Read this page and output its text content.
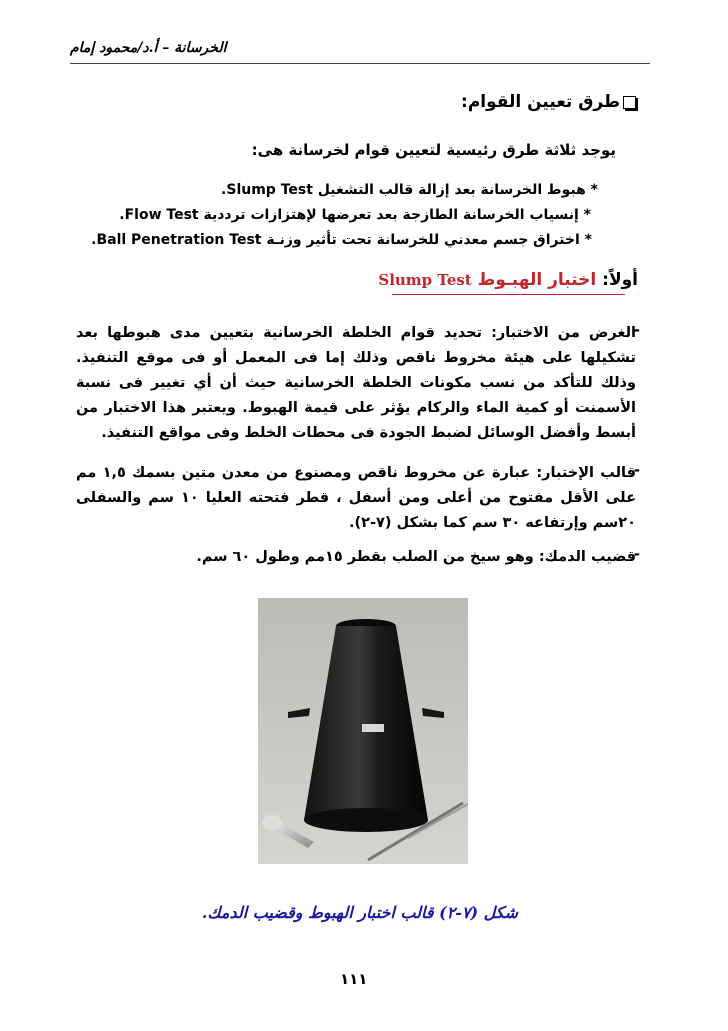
الخرسانة – أ.د/محمود إمام
طرق تعيين القوام:
يوجد ثلاثة طرق رئيسية لتعيين قوام لخرسانة هى:
* هبوط الخرسانة بعد إزالة قالب التشغيل Slump Test.
* إنسياب الخرسانة الطازجة بعد تعرضها لإهتزازات ترددية Flow Test.
* اختراق جسم معدني للخرسانة تحت تأثير وزنـة Ball Penetration Test.
أولاً: اختبار الهبـوط Slump Test
-
الغرض من الاختبار: تحديد قوام الخلطة الخرسانية بتعيين مدى هبوطها بعد تشكيلها على هيئة مخروط ناقص وذلك إما فى المعمل أو فى موقع التنفيذ. وذلك للتأكد من نسب مكونات الخلطة الخرسانية حيث أن أي تغيير فى نسبة الأسمنت أو كمية الماء والركام يؤثر على قيمة الهبوط. ويعتبر هذا الاختبار من أبسط وأفضل الوسائل لضبط الجودة فى محطات الخلط وفى مواقع التنفيذ.
-
قالب الإختبار: عبارة عن مخروط ناقص ومصنوع من معدن متين بسمك ١,٥ مم على الأقل مفتوح من أعلى ومن أسفل ، قطر فتحته العليا ١٠ سم والسفلى ٢٠سم وإرتفاعه ٣٠ سم كما بشكل (٧-٢).
-
قضيب الدمك: وهو سيخ من الصلب بقطر ١٥مم وطول ٦٠ سم.
شكل (٧-٢) قالب اختبار الهبوط وقضيب الدمك.
١١١
